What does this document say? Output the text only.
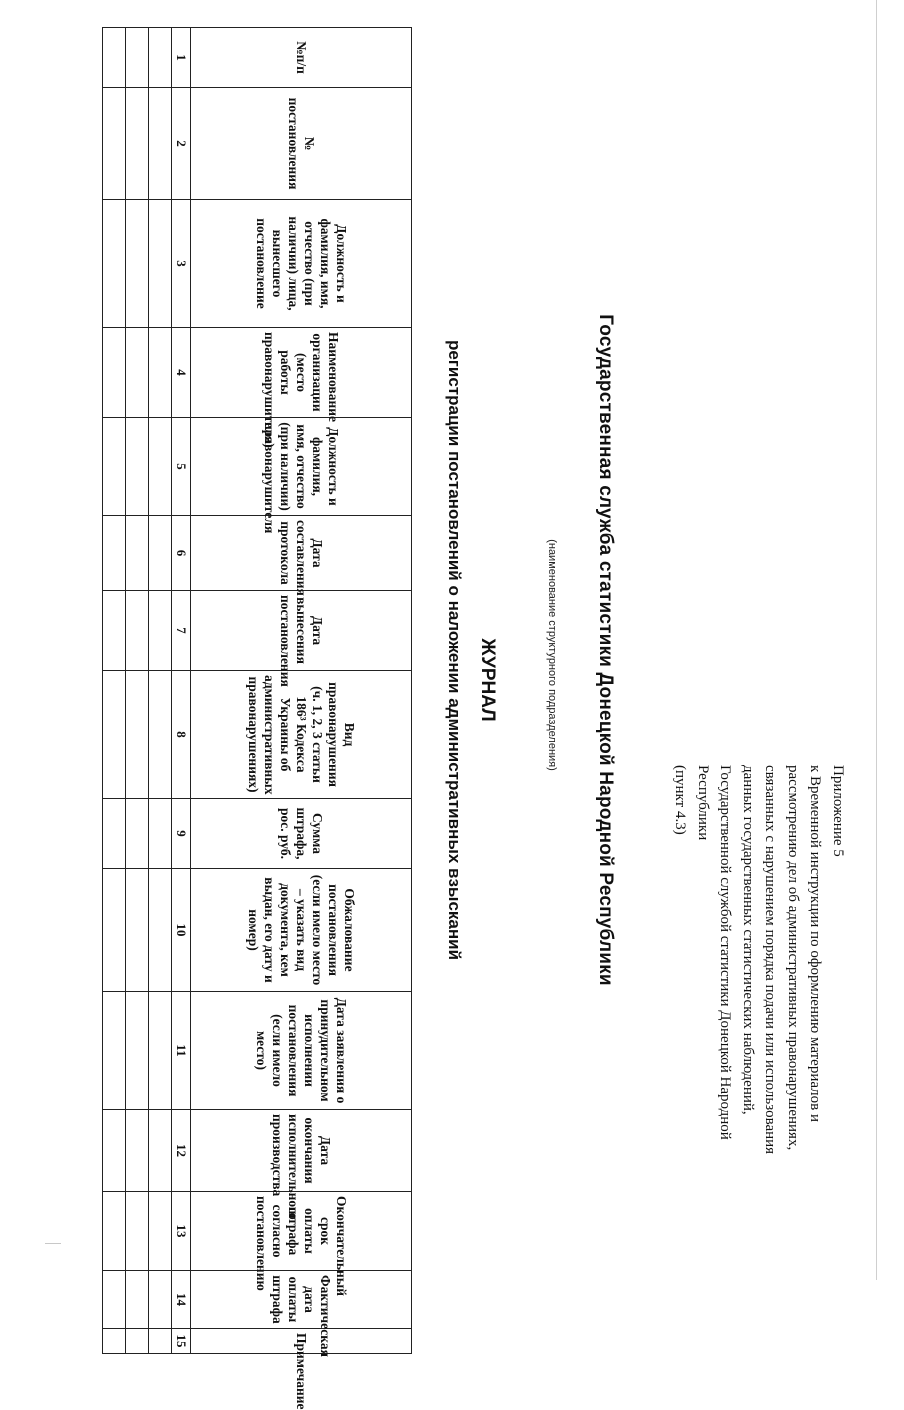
Приложение 5
к Временной инструкции по оформлению материалов и
рассмотрению дел об административных правонарушениях,
связанных с нарушением порядка подачи или использования
данных государственных статистических наблюдений,
Государственной службой статистики Донецкой Народной
Республики
(пункт 4.3)
Государственная служба статистики Донецкой Народной Республики
(наименование структурного подразделения)
ЖУРНАЛ
регистрации постановлений о наложении административных взысканий
№п/п	№ постановления	Должность и фамилия, имя, отчество (при наличии) лица, вынесшего постановление	Наименование организации (место работы правонарушителя)	Должность и фамилия, имя, отчество (при наличии) правонарушителя	Дата составления протокола	Дата вынесения постановления	Вид правонарушения (ч. 1, 2, 3 статьи 186³ Кодекса Украины об административных правонарушениях)	Сумма штрафа, рос. руб.	Обжалование постановления (если имело место – указать вид документа, кем выдан, его дату и номер)	Дата заявления о принудительном исполнении постановления (если имело место)	Дата окончания исполнительного производства	Окончательный срок оплаты штрафа согласно постановлению	Фактическая дата оплаты штрафа	Примечание
1	2	3	4	5	6	7	8	9	10	11	12	13	14	15
